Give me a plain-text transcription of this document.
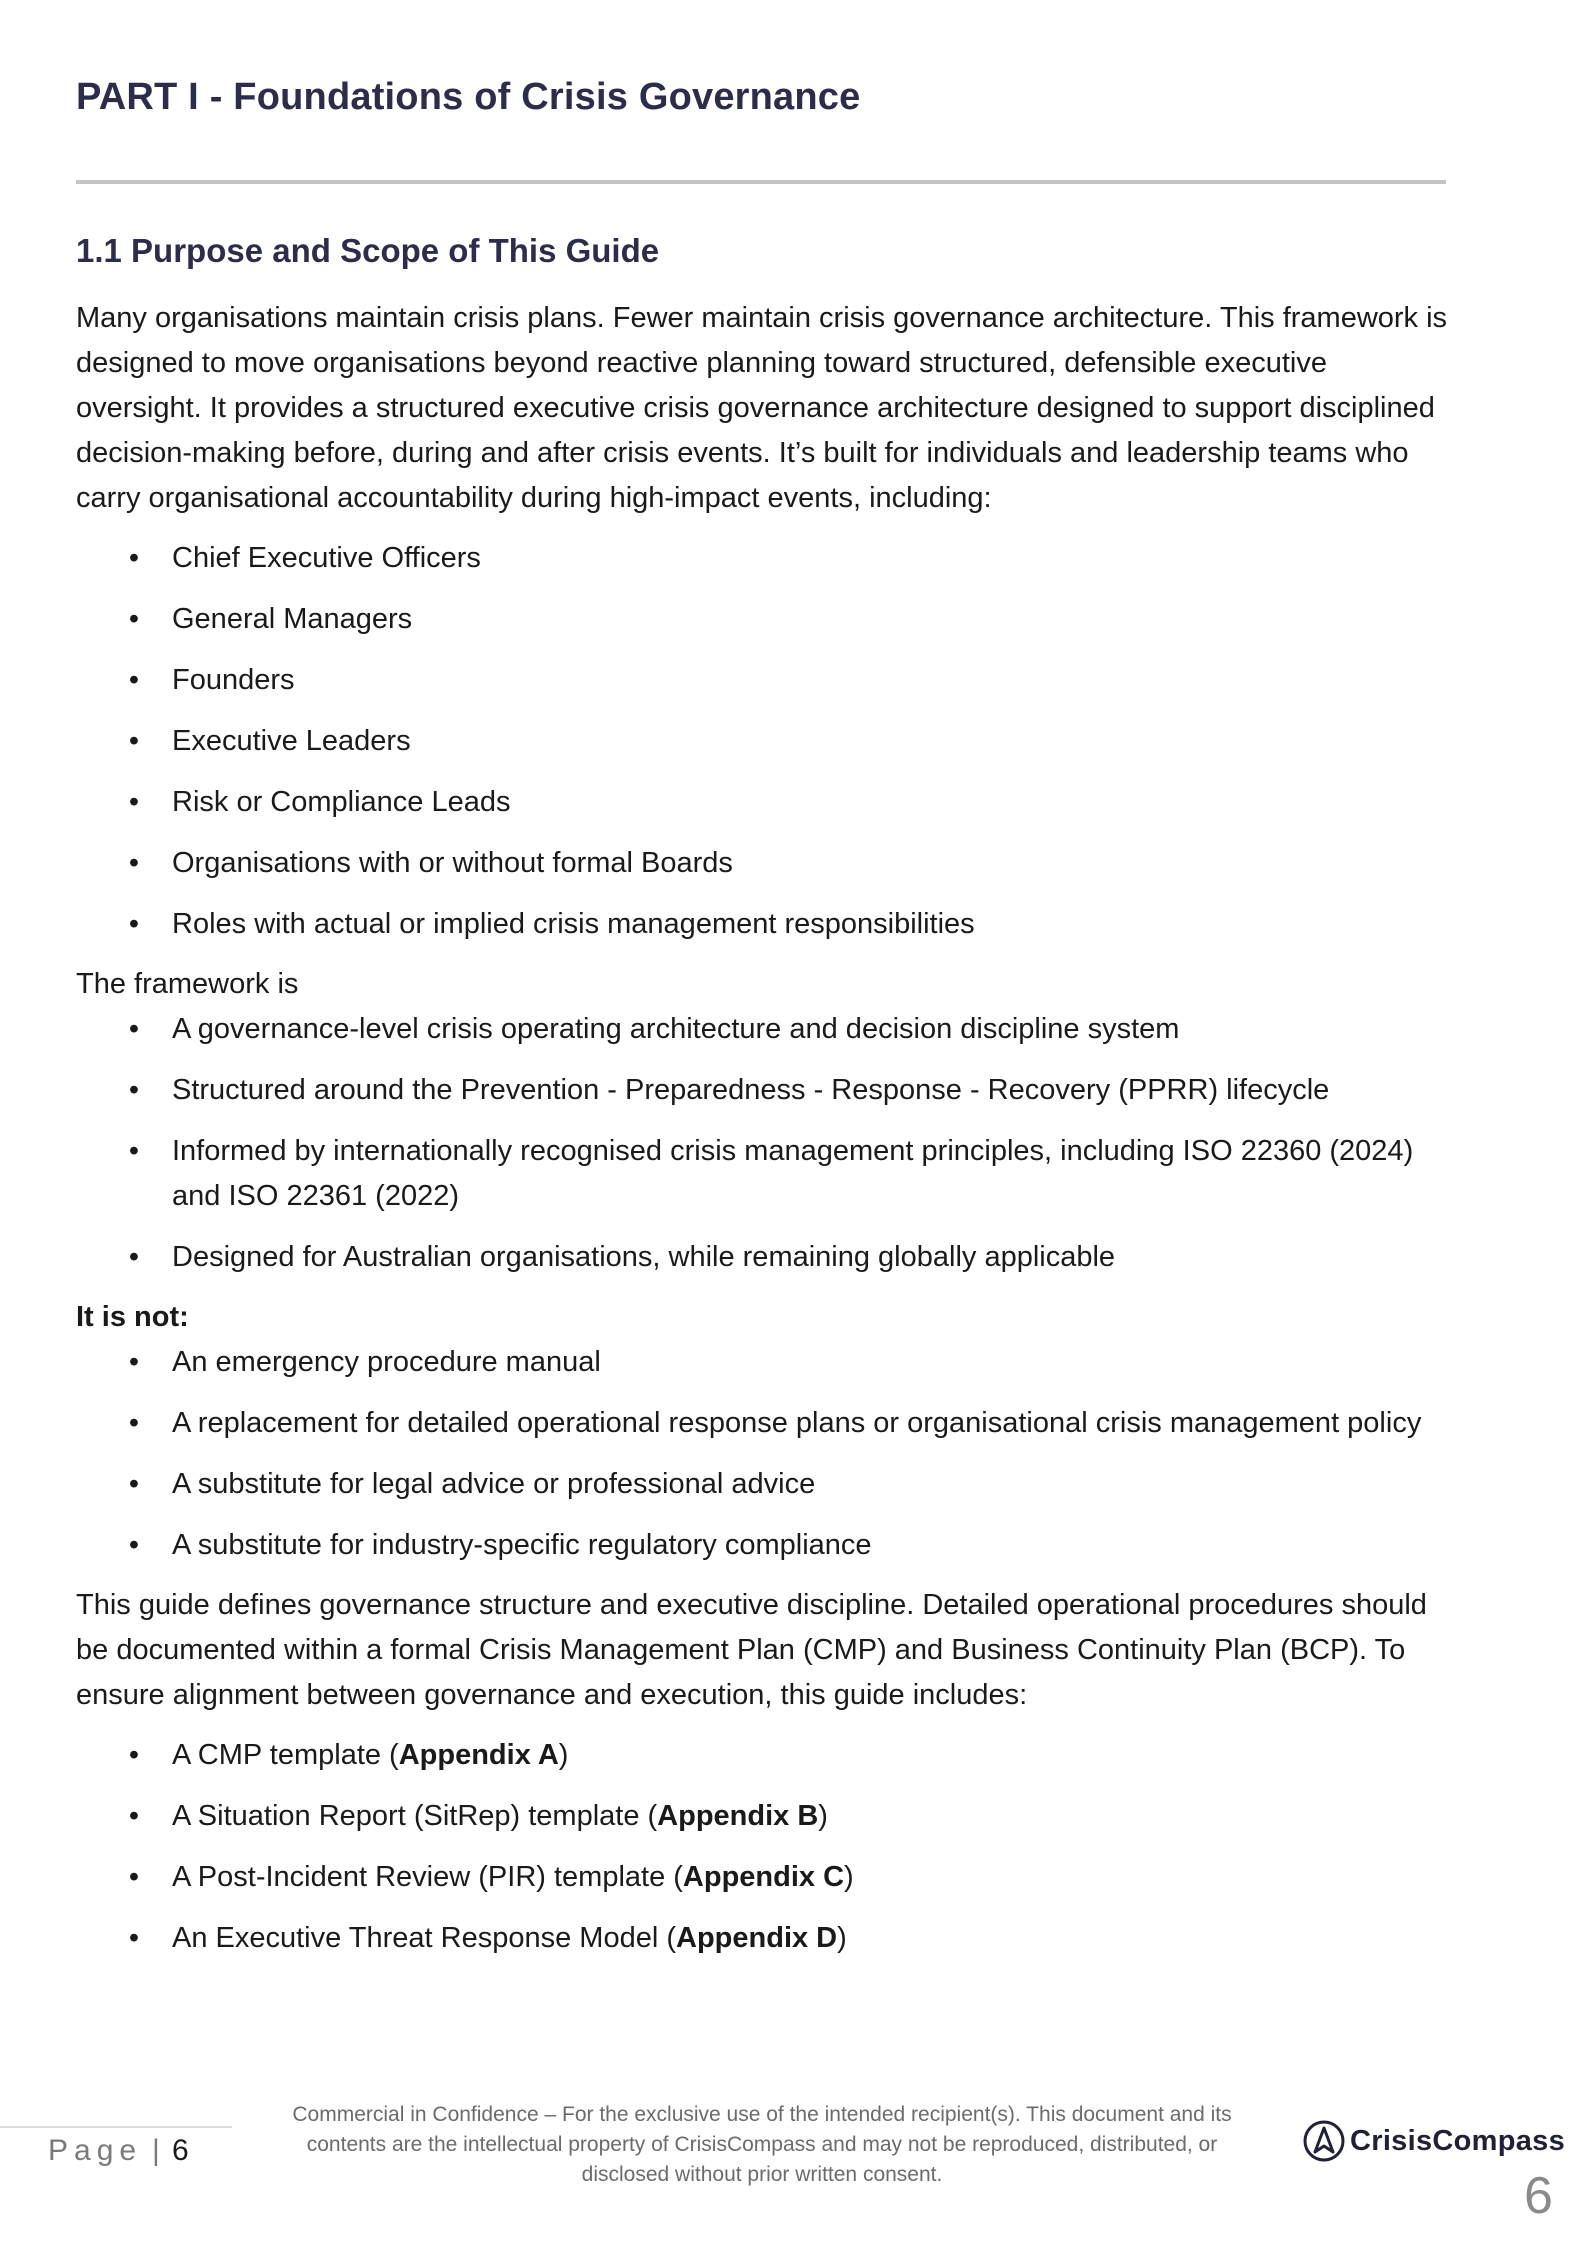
PART I - Foundations of Crisis Governance
1.1 Purpose and Scope of This Guide

Many organisations maintain crisis plans. Fewer maintain crisis governance architecture. This framework is designed to move organisations beyond reactive planning toward structured, defensible executive oversight. It provides a structured executive crisis governance architecture designed to support disciplined decision-making before, during and after crisis events. It’s built for individuals and leadership teams who carry organisational accountability during high-impact events, including:

• Chief Executive Officers
• General Managers
• Founders
• Executive Leaders
• Risk or Compliance Leads
• Organisations with or without formal Boards
• Roles with actual or implied crisis management responsibilities

The framework is

• A governance-level crisis operating architecture and decision discipline system
• Structured around the Prevention - Preparedness - Response - Recovery (PPRR) lifecycle
• Informed by internationally recognised crisis management principles, including ISO 22360 (2024) and ISO 22361 (2022)
• Designed for Australian organisations, while remaining globally applicable

It is not:

• An emergency procedure manual
• A replacement for detailed operational response plans or organisational crisis management policy
• A substitute for legal advice or professional advice
• A substitute for industry-specific regulatory compliance

This guide defines governance structure and executive discipline. Detailed operational procedures should be documented within a formal Crisis Management Plan (CMP) and Business Continuity Plan (BCP). To ensure alignment between governance and execution, this guide includes:

• A CMP template (Appendix A)
• A Situation Report (SitRep) template (Appendix B)
• A Post-Incident Review (PIR) template (Appendix C)
• An Executive Threat Response Model (Appendix D)
Page | 6
Commercial in Confidence – For the exclusive use of the intended recipient(s). This document and its contents are the intellectual property of CrisisCompass and may not be reproduced, distributed, or disclosed without prior written consent.
CrisisCompass
6
